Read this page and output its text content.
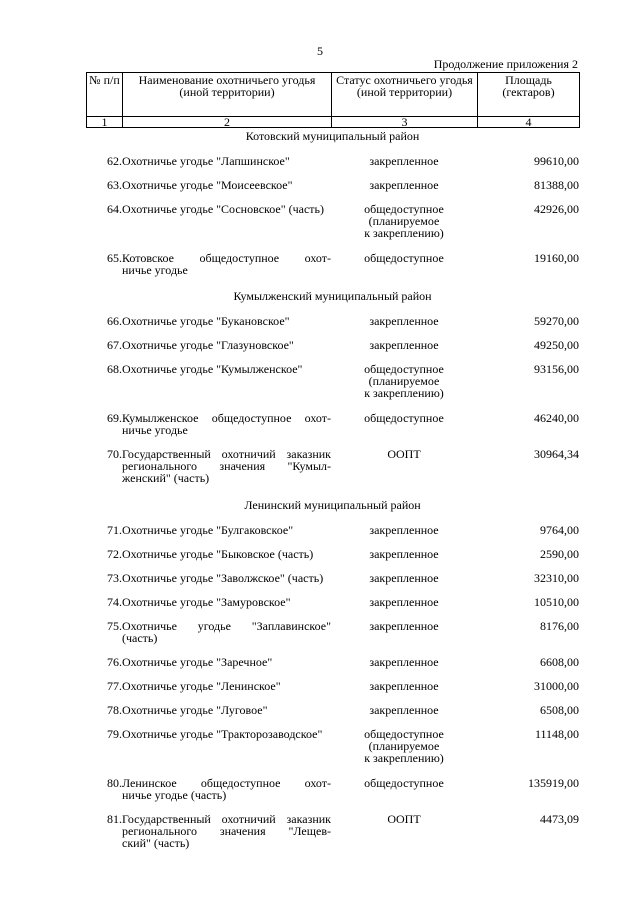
5
Продолжение приложения 2
№ п/п	Наименование охотничьего угодья (иной территории)	Статус охотничьего угодья (иной территории)	Площадь (гектаров)
1	2	3	4
Котовский муниципальный район			
62.	Охотничье угодье "Лапшинское"	закрепленное	99610,00
63.	Охотничье угодье "Моисеевское"	закрепленное	81388,00
64.	Охотничье угодье "Сосновское" (часть)	общедоступное
(планируемое
к закреплению)	42926,00
65.	Котовское общедоступное охот-
ничье угодье	общедоступное	19160,00
Кумылженский муниципальный район			
66.	Охотничье угодье "Букановское"	закрепленное	59270,00
67.	Охотничье угодье "Глазуновское"	закрепленное	49250,00
68.	Охотничье угодье "Кумылженское"	общедоступное
(планируемое
к закреплению)	93156,00
69.	Кумылженское общедоступное охот-
ничье угодье	общедоступное	46240,00
70.	Государственный охотничий заказник
регионального значения "Кумыл-
женский" (часть)	ООПТ	30964,34
Ленинский муниципальный район			
71.	Охотничье угодье "Булгаковское"	закрепленное	9764,00
72.	Охотничье угодье "Быковское (часть)	закрепленное	2590,00
73.	Охотничье угодье "Заволжское" (часть)	закрепленное	32310,00
74.	Охотничье угодье "Замуровское"	закрепленное	10510,00
75.	Охотничье угодье "Заплавинское"
(часть)	закрепленное	8176,00
76.	Охотничье угодье "Заречное"	закрепленное	6608,00
77.	Охотничье угодье "Ленинское"	закрепленное	31000,00
78.	Охотничье угодье "Луговое"	закрепленное	6508,00
79.	Охотничье угодье "Тракторозаводское"	общедоступное
(планируемое
к закреплению)	11148,00
80.	Ленинское общедоступное охот-
ничье угодье (часть)	общедоступное	135919,00
81.	Государственный охотничий заказник
регионального значения "Лещев-
ский" (часть)	ООПТ	4473,09
